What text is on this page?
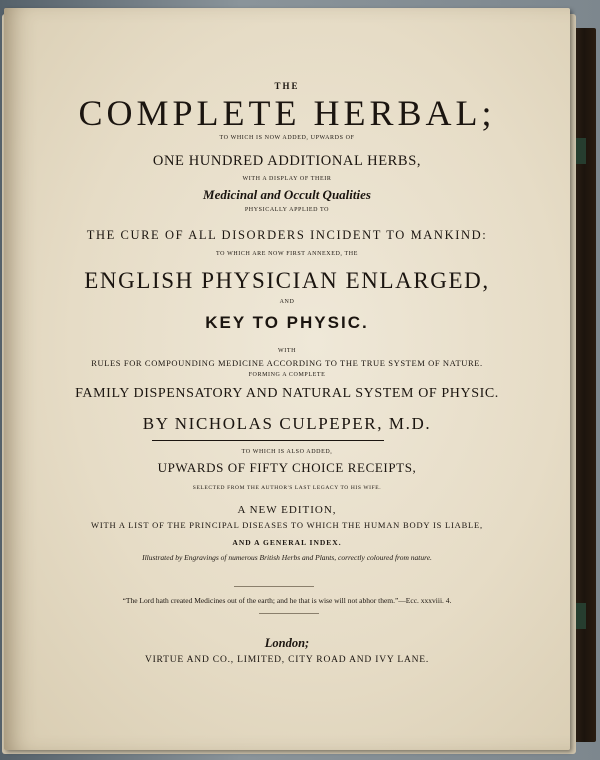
THE
COMPLETE HERBAL;
TO WHICH IS NOW ADDED, UPWARDS OF
ONE HUNDRED ADDITIONAL HERBS,
WITH A DISPLAY OF THEIR
Medicinal and Occult Qualities
PHYSICALLY APPLIED TO
THE CURE OF ALL DISORDERS INCIDENT TO MANKIND:
TO WHICH ARE NOW FIRST ANNEXED, THE
ENGLISH PHYSICIAN ENLARGED,
AND
KEY TO PHYSIC.
WITH
RULES FOR COMPOUNDING MEDICINE ACCORDING TO THE TRUE SYSTEM OF NATURE.
FORMING A COMPLETE
FAMILY DISPENSATORY AND NATURAL SYSTEM OF PHYSIC.
BY NICHOLAS CULPEPER, M.D.
TO WHICH IS ALSO ADDED,
UPWARDS OF FIFTY CHOICE RECEIPTS,
SELECTED FROM THE AUTHOR'S LAST LEGACY TO HIS WIFE.
A NEW EDITION,
WITH A LIST OF THE PRINCIPAL DISEASES TO WHICH THE HUMAN BODY IS LIABLE,
AND A GENERAL INDEX.
Illustrated by Engravings of numerous British Herbs and Plants, correctly coloured from nature.
“The Lord hath created Medicines out of the earth; and he that is wise will not abhor them.”—Ecc. xxxviii. 4.
London;
VIRTUE AND CO., LIMITED, CITY ROAD AND IVY LANE.
